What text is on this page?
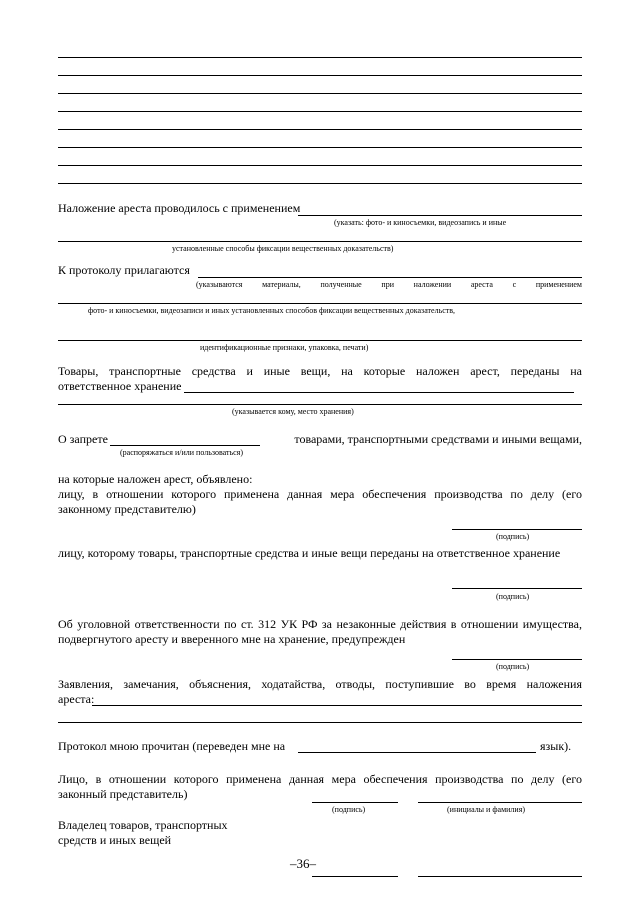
Наложение ареста проводилось с применением
(указать: фото- и киносъемки, видеозапись и иные
установленные способы фиксации вещественных доказательств)
К протоколу прилагаются
(указываются материалы, полученные при наложении ареста с применением
фото- и киносъемки, видеозаписи и иных установленных способов фиксации вещественных доказательств,
идентификационные признаки, упаковка, печати)
Товары, транспортные средства и иные вещи, на которые наложен арест, переданы на
ответственное хранение
(указывается кому, место хранения)
О запрете	товарами, транспортными средствами и иными вещами,
(распоряжаться и/или пользоваться)
на которые наложен арест, объявлено:
лицу, в отношении которого применена данная мера обеспечения производства по делу (его законному представителю)
(подпись)
лицу, которому товары, транспортные средства и иные вещи переданы на ответственное хранение
(подпись)
Об уголовной ответственности по ст. 312 УК РФ за незаконные действия в отношении имущества, подвергнутого аресту и вверенного мне на хранение, предупрежден
(подпись)
Заявления, замечания, объяснения, ходатайства, отводы, поступившие во время наложения
ареста:
Протокол мною прочитан (переведен мне на	язык).
Лицо, в отношении которого применена данная мера обеспечения производства по делу (его законный представитель)
(подпись)	(инициалы и фамилия)
Владелец товаров, транспортных средств и иных вещей
–36–
